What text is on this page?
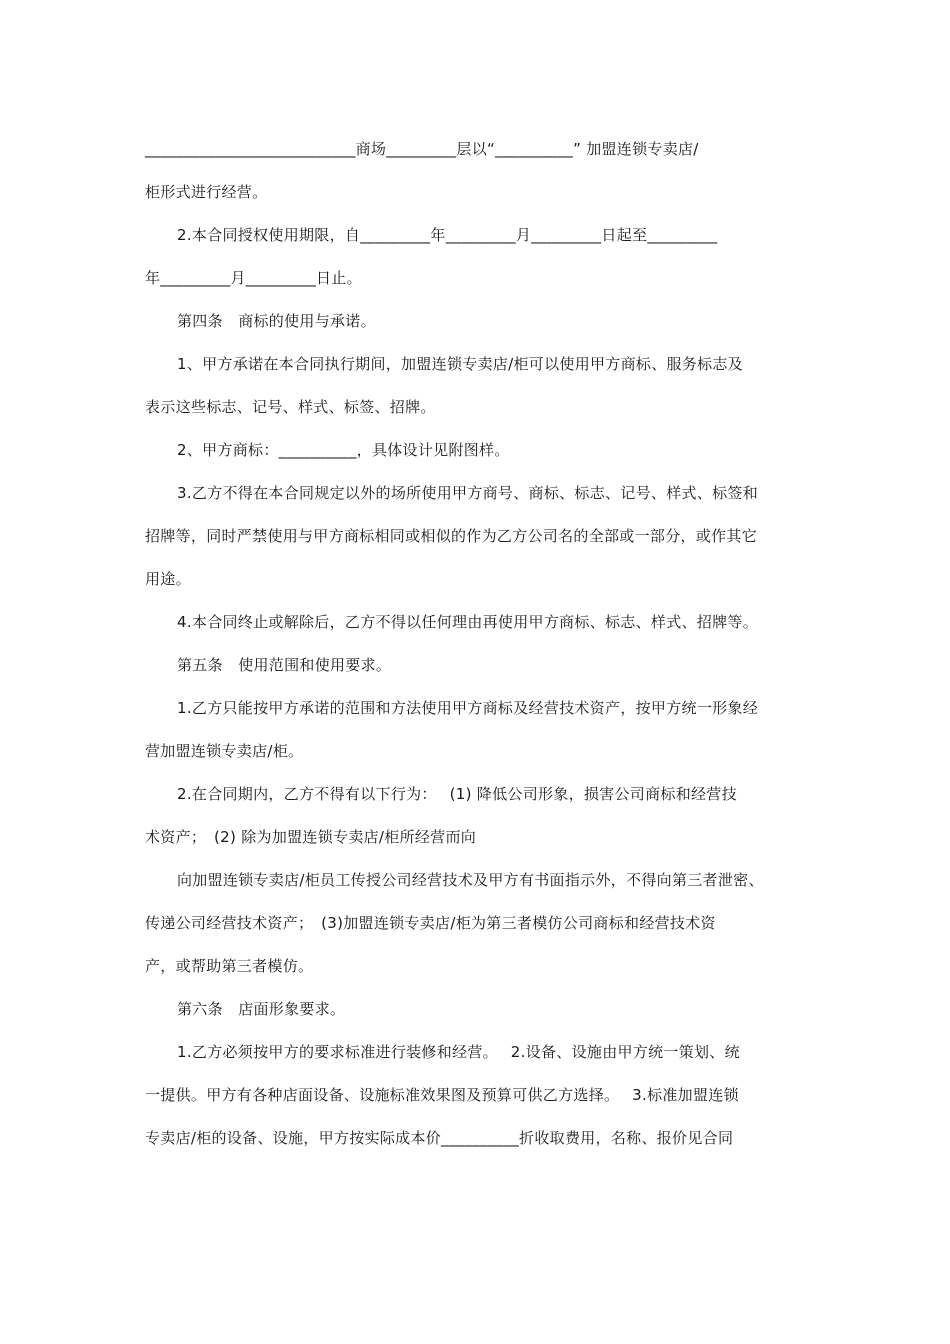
___________________________商场_________层以“__________” 加盟连锁专卖店/
柜形式进行经营。
2.本合同授权使用期限，自_________年_________月_________日起至_________
年_________月_________日止。
第四条　商标的使用与承诺。
1、甲方承诺在本合同执行期间，加盟连锁专卖店/柜可以使用甲方商标、服务标志及
表示这些标志、记号、样式、标签、招牌。
2、甲方商标：__________，具体设计见附图样。
3.乙方不得在本合同规定以外的场所使用甲方商号、商标、标志、记号、样式、标签和
招牌等，同时严禁使用与甲方商标相同或相似的作为乙方公司名的全部或一部分，或作其它
用途。
4.本合同终止或解除后，乙方不得以任何理由再使用甲方商标、标志、样式、招牌等。
第五条　使用范围和使用要求。
1.乙方只能按甲方承诺的范围和方法使用甲方商标及经营技术资产，按甲方统一形象经
营加盟连锁专卖店/柜。
2.在合同期内，乙方不得有以下行为：　 (1) 降低公司形象，损害公司商标和经营技
术资产；　(2) 除为加盟连锁专卖店/柜所经营而向
向加盟连锁专卖店/柜员工传授公司经营技术及甲方有书面指示外，不得向第三者泄密、
传递公司经营技术资产；　(3)加盟连锁专卖店/柜为第三者模仿公司商标和经营技术资
产，或帮助第三者模仿。
第六条　店面形象要求。
1.乙方必须按甲方的要求标准进行装修和经营。　 2.设备、设施由甲方统一策划、统
一提供。甲方有各种店面设备、设施标准效果图及预算可供乙方选择。　 3.标准加盟连锁
专卖店/柜的设备、设施，甲方按实际成本价__________折收取费用，名称、报价见合同
